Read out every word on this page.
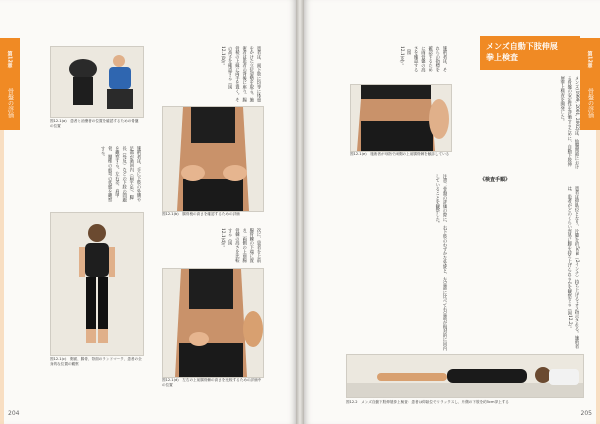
第12章
骨盤の評価
図12.1(a)　患者と治療者の位置を確認するための骨盤の位置
図12.1(c)　側面、腸骨、背面のランドマーク、患者の全身的な位置の観察
施術者は、手に下肢の外側や足部が過回内（扁平足）、脚長（外反）などの下肢の問題を観察する。左右差、肩甲骨、腰椎の前弯の状態を観察する。
図12.1(b)　腸骨稜の高さを確認するための評価
患者は、両下肢に均等に体重をかけた立位姿勢を取る。施術者は患者の背後に座り、腸骨稜の上縁に両手を置く。その高さを確認する（図12.1(b)）。
次に、患者を上前腸骨棘の下端に置き、両側の上前腸骨棘の高さを比較する（図12.1(d)）。
図12.1(d)　左右の上前腸骨棘の高さを比較するための評価中の位置
204
第12章
骨盤の評価
施術者は、それらの指標を確認するために両骨盤の高さを確認する（図12.1(e)）。
図12.1(e)　施術者が母指で両側の上前腸骨棘を触診している
注意：骨盤の評価の際に、右下肢のわずかな外旋と、左足部に比べて右足部が相対的に回内していることを観察した。
メンズ自動下肢伸展
拳上検査
メンズ(1999, 2001, 2002)は、仙腸関節における骨盤の安定性を評価するために、自動下肢伸展拳上検査を開発した。
《検査手順》
患者は仰臥位となり、片脚を約5cm（2インチ）持ち上げるよう指示される。施術者は、患者がどのくらい容易に脚を持ち上げられるかを観察する（図12.2）。
図12.2　メンズ自動下肢伸展拳上検査：患者は仰臥位でリラックスし、片側の下肢を約5cm挙上する
205
